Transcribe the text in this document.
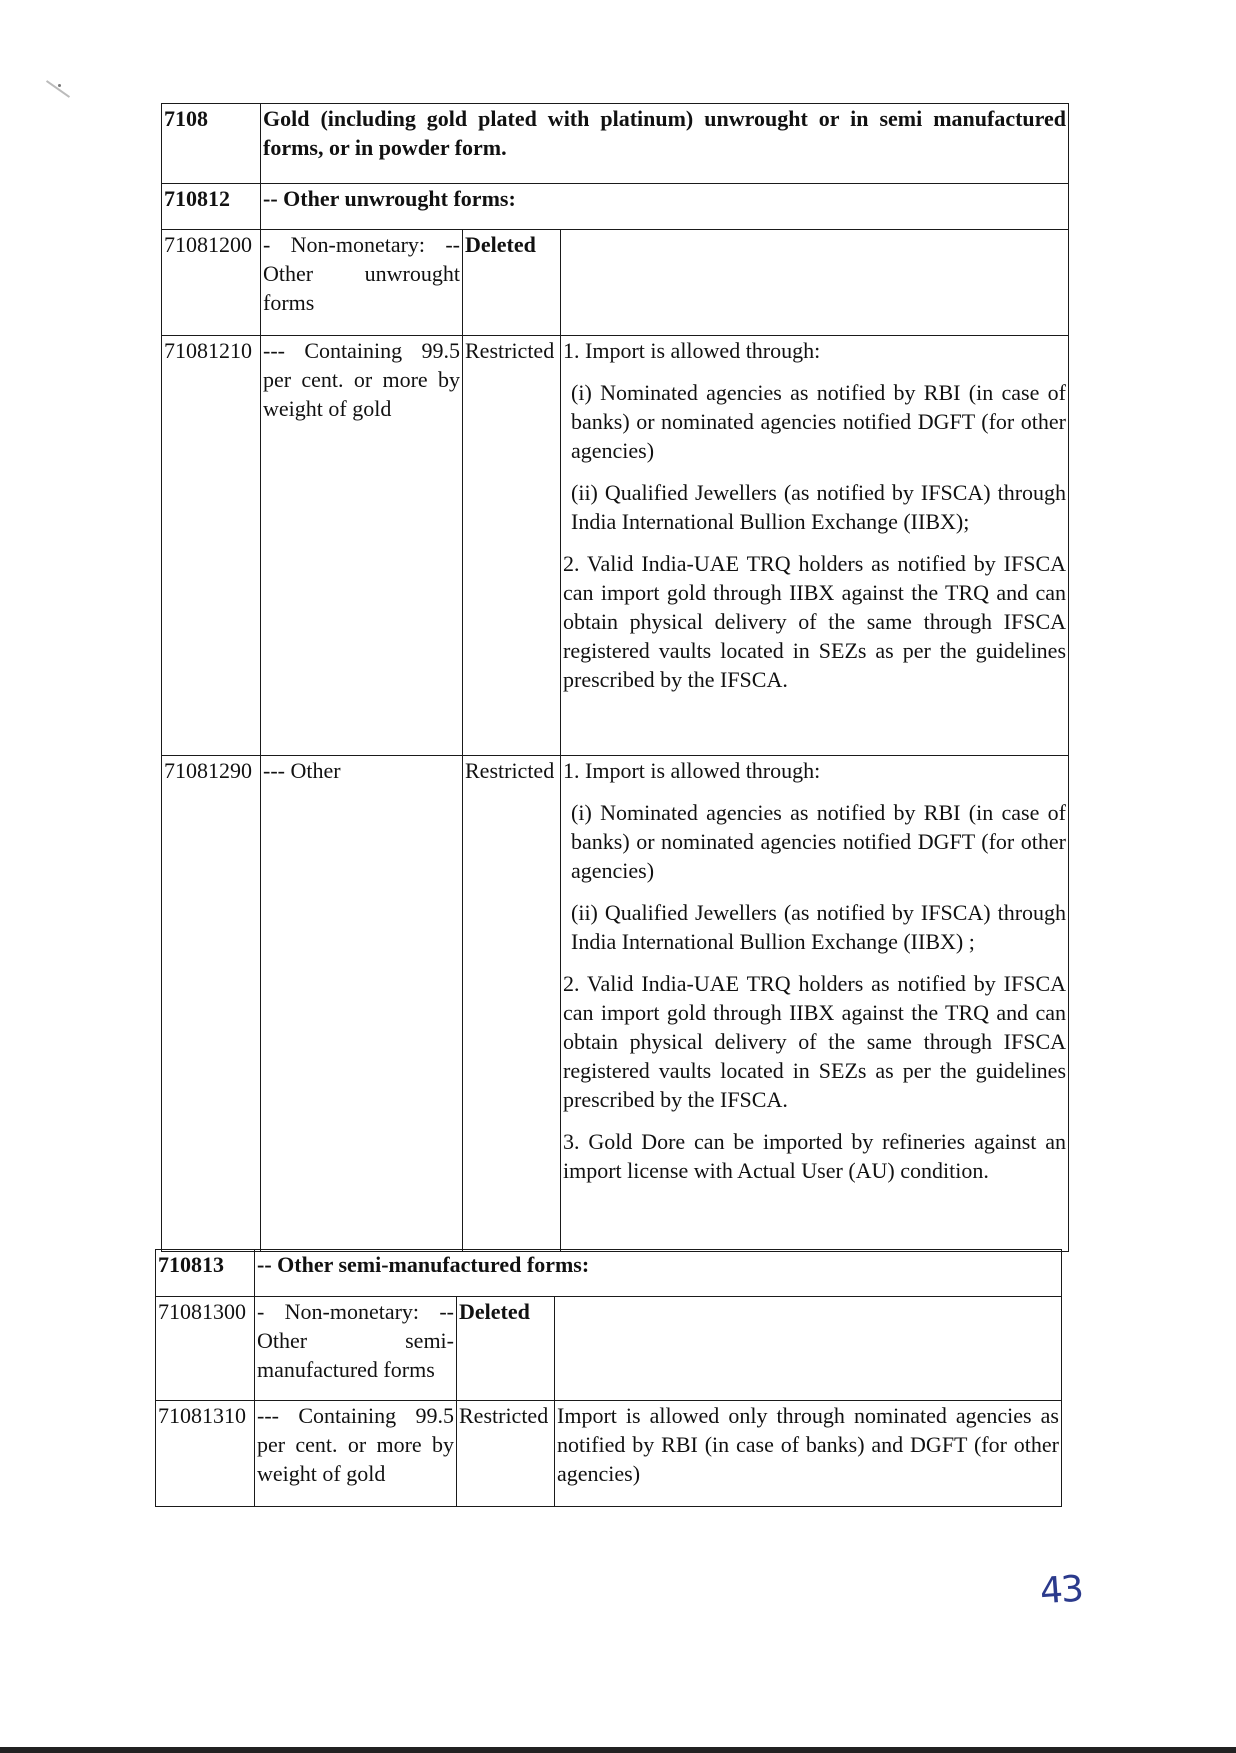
7108	Gold (including gold plated with platinum) unwrought or in semi manufactured forms, or in powder form.		
710812	-- Other unwrought forms:		
71081200	- Non-monetary: -- Other unwrought forms	Deleted	
71081210	--- Containing 99.5 per cent. or more by weight of gold	Restricted	1. Import is allowed through:

(i) Nominated agencies as notified by RBI (in case of banks) or nominated agencies notified DGFT (for other agencies)

(ii) Qualified Jewellers (as notified by IFSCA) through India International Bullion Exchange (IIBX);

2. Valid India-UAE TRQ holders as notified by IFSCA can import gold through IIBX against the TRQ and can obtain physical delivery of the same through IFSCA registered vaults located in SEZs as per the guidelines prescribed by the IFSCA.

71081290	--- Other	Restricted	1. Import is allowed through:

(i) Nominated agencies as notified by RBI (in case of banks) or nominated agencies notified DGFT (for other agencies)

(ii) Qualified Jewellers (as notified by IFSCA) through India International Bullion Exchange (IIBX) ;

2. Valid India-UAE TRQ holders as notified by IFSCA can import gold through IIBX against the TRQ and can obtain physical delivery of the same through IFSCA registered vaults located in SEZs as per the guidelines prescribed by the IFSCA.

3. Gold Dore can be imported by refineries against an import license with Actual User (AU) condition.

710813	-- Other semi-manufactured forms:		
71081300	- Non-monetary: -- Other semi-manufactured forms	Deleted	
71081310	--- Containing 99.5 per cent. or more by weight of gold	Restricted	Import is allowed only through nominated agencies as notified by RBI (in case of banks) and DGFT (for other agencies)

43
